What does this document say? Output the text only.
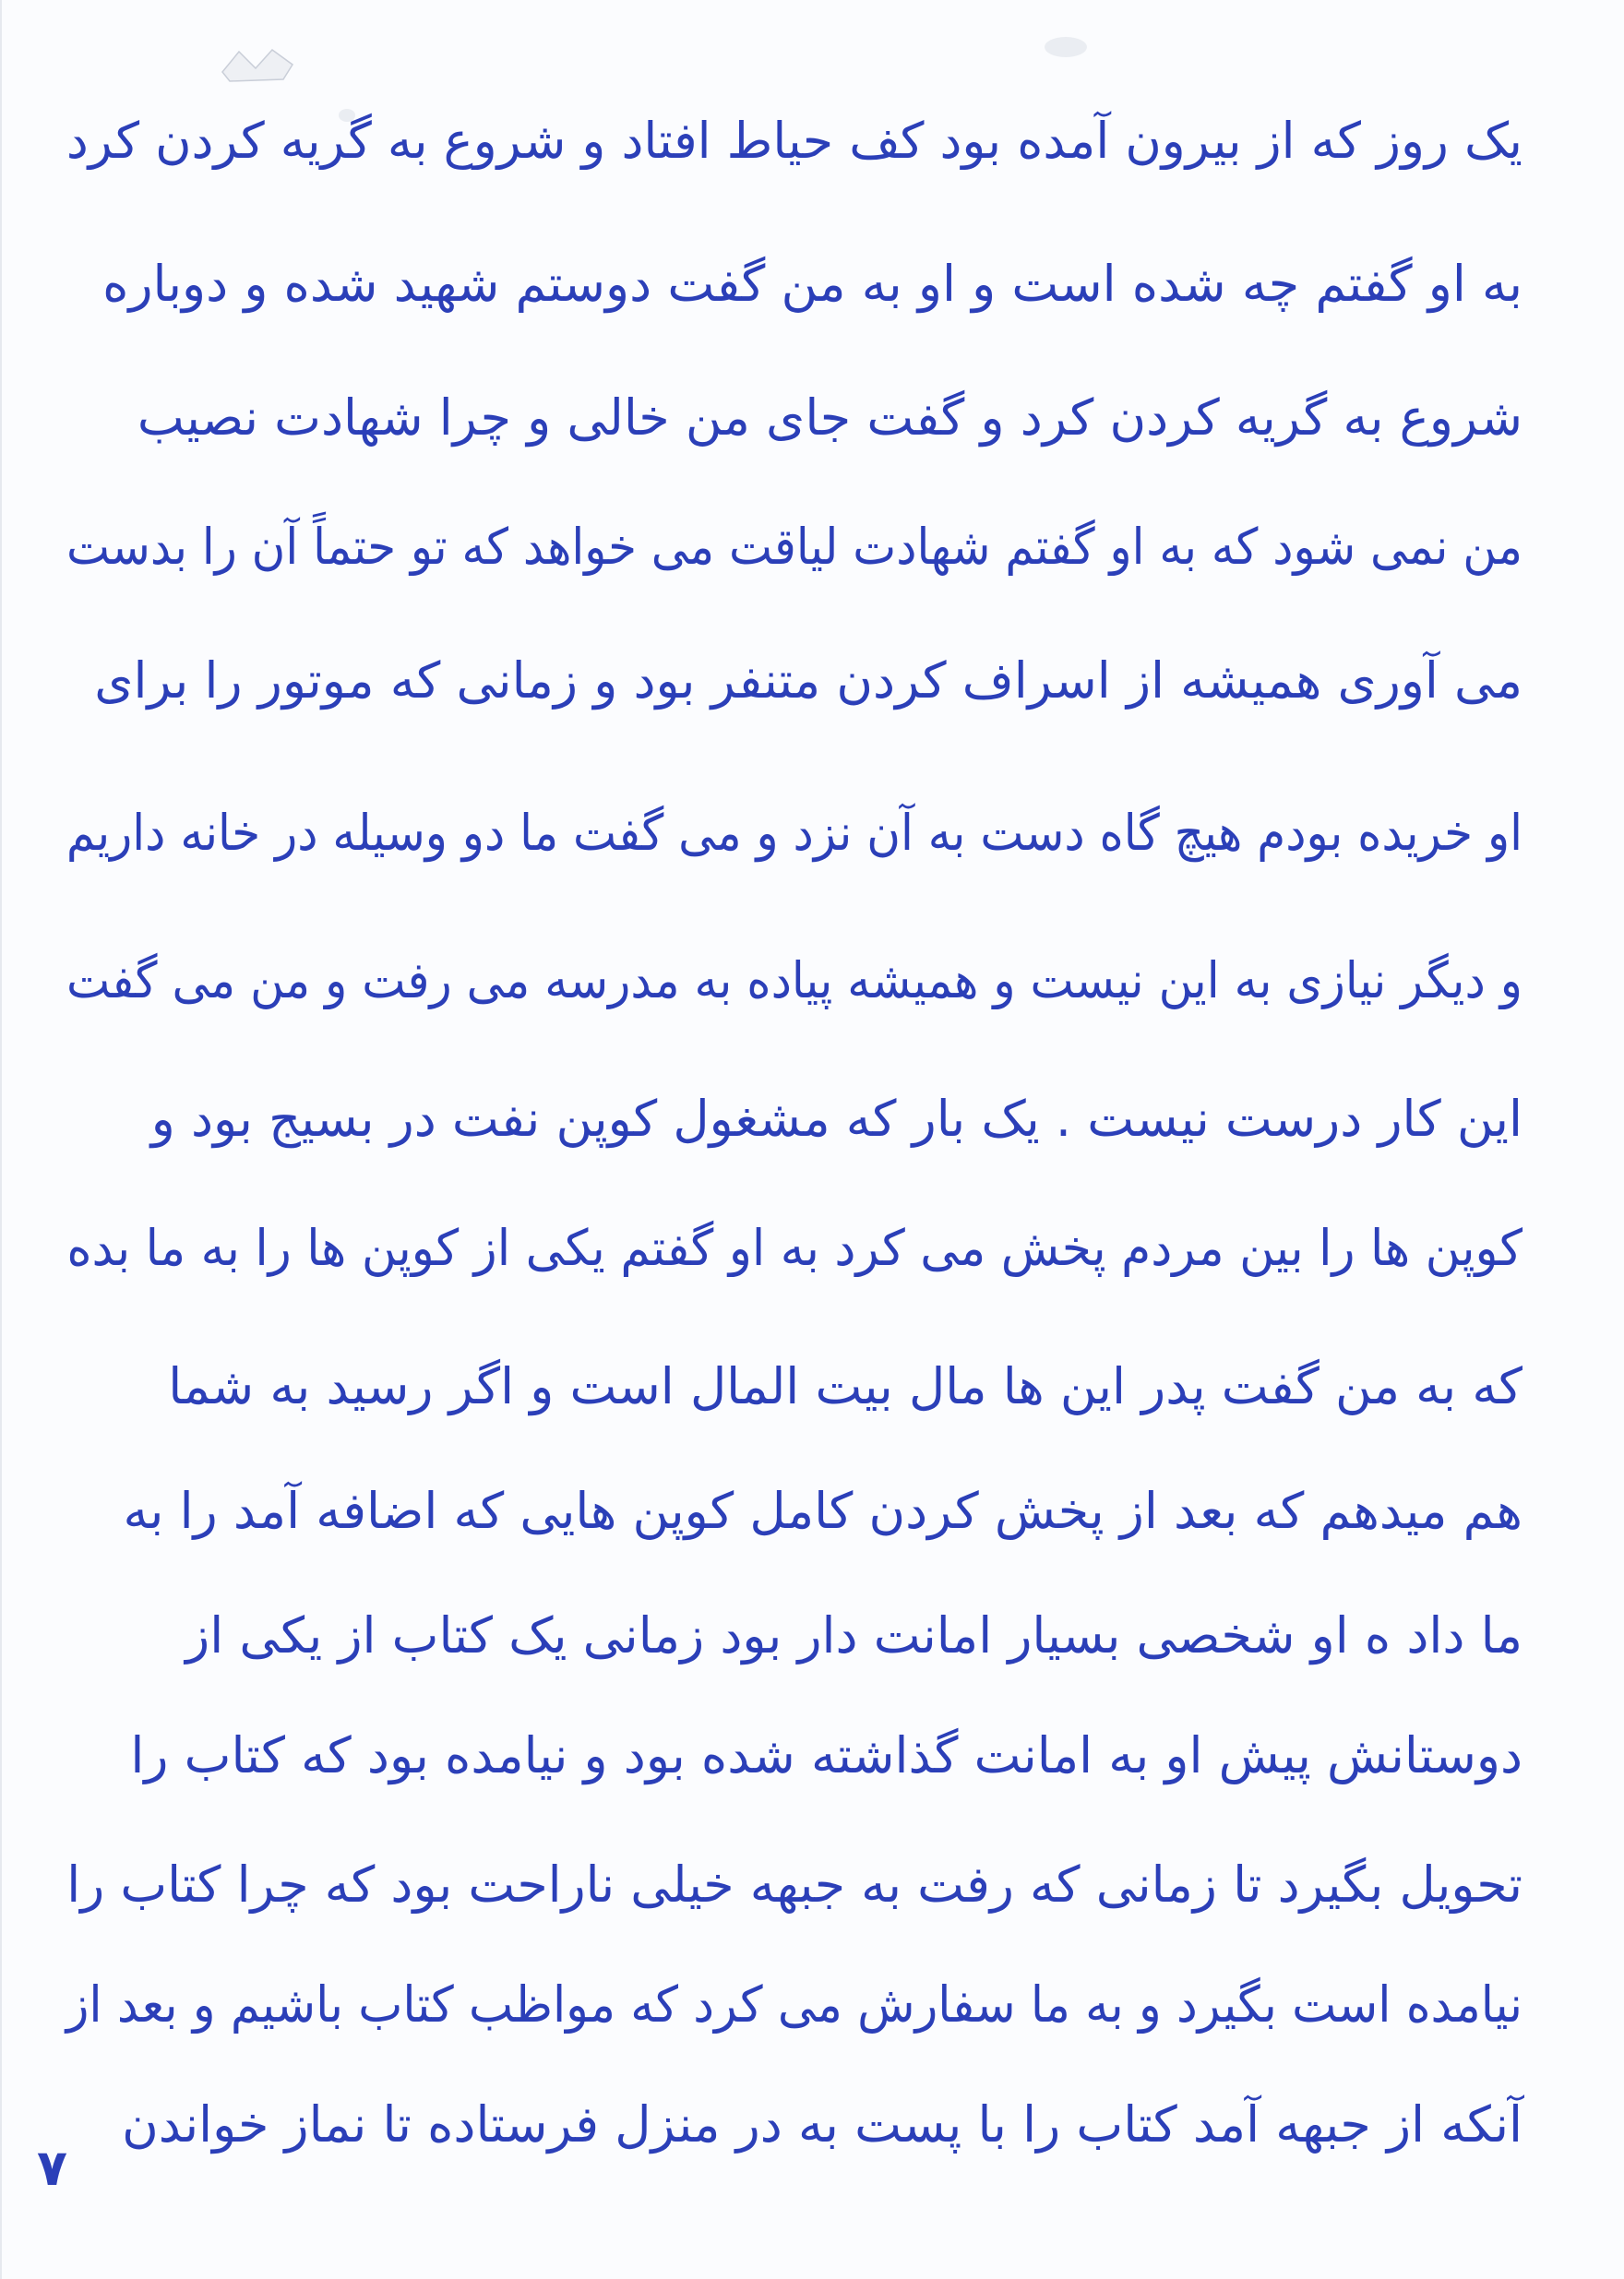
یک روز که از بیرون آمده بود کف حیاط افتاد و شروع به گریه کردن کرد
به او گفتم چه شده است و او به من گفت دوستم شهید شده و دوباره
شروع به گریه کردن کرد و گفت جای من خالی و چرا شهادت نصیب
من نمی شود که به او گفتم شهادت لیاقت می خواهد که تو حتماً آن را بدست
می آوری همیشه از اسراف کردن متنفر بود و زمانی که موتور را برای
او خریده بودم هیچ گاه دست به آن نزد و می گفت ما دو وسیله در خانه داریم
و دیگر نیازی به این نیست و همیشه پیاده به مدرسه می رفت و من می گفت
این کار درست نیست . یک بار که مشغول کوپن نفت در بسیج بود و
کوپن ها را بین مردم پخش می کرد به او گفتم یکی از کوپن ها را به ما بده
که به من گفت پدر این ها مال بیت المال است و اگر رسید به شما
هم میدهم که بعد از پخش کردن کامل کوپن هایی که اضافه آمد را به
ما داد ه او شخصی بسیار امانت دار بود زمانی یک کتاب از یکی از
دوستانش پیش او به امانت گذاشته شده بود و نیامده بود که کتاب را
تحویل بگیرد تا زمانی که رفت به جبهه خیلی ناراحت بود که چرا کتاب را
نیامده است بگیرد و به ما سفارش می کرد که مواظب کتاب باشیم و بعد از
آنکه از جبهه آمد کتاب را با پست به در منزل فرستاده تا نماز خواندن
۷
